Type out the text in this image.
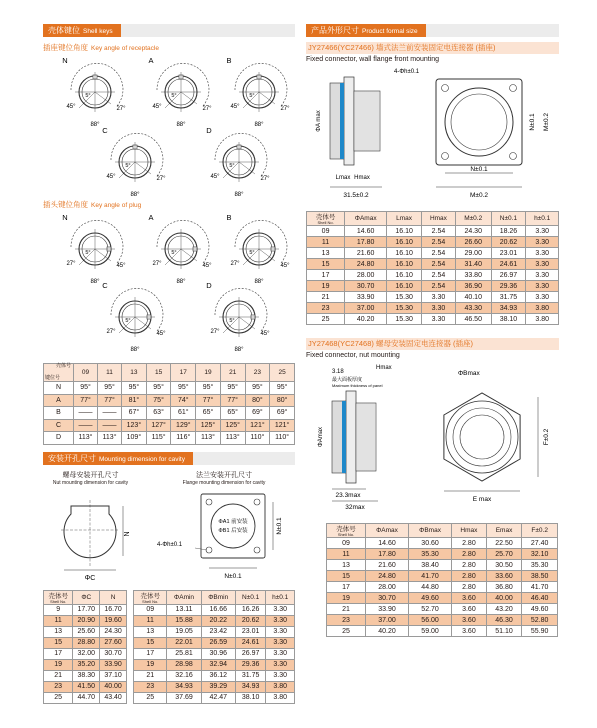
壳体键位 Shell keys
插座键位角度 Key angle of receptacle
N
5°
45°	27°
88°
A
5°
45°	27°
88°
B
5°
45°	27°
88°
C
5°
45°	27°
88°
D
5°
45°	27°
88°
插头键位角度 Key angle of plug
N
5°
27°	45°
88°
A
5°
27°	45°
88°
B
5°
27°	45°
88°
C
5°
27°	45°
88°
D
5°
27°	45°
88°
壳体号
键位号	09	11	13	15	17	19	21	23	25
N	95°	95°	95°	95°	95°	95°	95°	95°	95°
A	77°	77°	81°	75°	74°	77°	77°	80°	80°
B	——	——	67°	63°	61°	65°	65°	69°	69°
C	——	——	123°	127°	129°	125°	125°	121°	121°
D	113°	113°	109°	115°	116°	113°	113°	110°	110°
安装开孔尺寸 Mounting dimension for cavity
螺母安装开孔尺寸
Nut mounting dimension for cavity
法兰安装开孔尺寸
Flange mounting dimension for cavity
N
ΦC
ΦA1 前安装
ΦB1 后安装
4-Φh±0.1
N±0.1
N±0.1
壳体号
Shell No.	ΦC	N
9	17.70	16.70
11	20.90	19.60
13	25.60	24.30
15	28.80	27.60
17	32.00	30.70
19	35.20	33.90
21	38.30	37.10
23	41.50	40.00
25	44.70	43.40
壳体号
Shell No.	ΦAmin	ΦBmin	N±0.1	h±0.1
09	13.11	16.66	16.26	3.30
11	15.88	20.22	20.62	3.30
13	19.05	23.42	23.01	3.30
15	22.01	26.59	24.61	3.30
17	25.81	30.96	26.97	3.30
19	28.98	32.94	29.36	3.30
21	32.16	36.12	31.75	3.30
23	34.93	39.29	34.93	3.80
25	37.69	42.47	38.10	3.80
产品外形尺寸 Product formal size
JY27466(YC27466) 墙式法兰前安装固定电连接器 (插座)
Fixed connector, wall flange front mounting
4-Φh±0.1
ΦA max
Lmax Hmax
31.5±0.2
N±0.1
M±0.2
N±0.1 M±0.2
壳体号
Shell No.	ΦAmax	Lmax	Hmax	M±0.2	N±0.1	h±0.1
09	14.60	16.10	2.54	24.30	18.26	3.30
11	17.80	16.10	2.54	26.60	20.62	3.30
13	21.60	16.10	2.54	29.00	23.01	3.30
15	24.80	16.10	2.54	31.40	24.61	3.30
17	28.00	16.10	2.54	33.80	26.97	3.30
19	30.70	16.10	2.54	36.90	29.36	3.30
21	33.90	15.30	3.30	40.10	31.75	3.30
23	37.00	15.30	3.30	43.30	34.93	3.80
25	40.20	15.30	3.30	46.50	38.10	3.80
JY27468(YC27468) 螺母安装固定电连接器 (插座)
Fixed connector, nut mounting
3.18
最大面板厚度
Maximum thickness of panel
Hmax
ΦAmax
23.3max
32max
ΦBmax
E max
F±0.2
壳体号
Shell No.	ΦAmax	ΦBmax	Hmax	Emax	F±0.2
09	14.60	30.60	2.80	22.50	27.40
11	17.80	35.30	2.80	25.70	32.10
13	21.60	38.40	2.80	30.50	35.30
15	24.80	41.70	2.80	33.60	38.50
17	28.00	44.80	2.80	36.80	41.70
19	30.70	49.60	3.60	40.00	46.40
21	33.90	52.70	3.60	43.20	49.60
23	37.00	56.00	3.60	46.30	52.80
25	40.20	59.00	3.60	51.10	55.90
